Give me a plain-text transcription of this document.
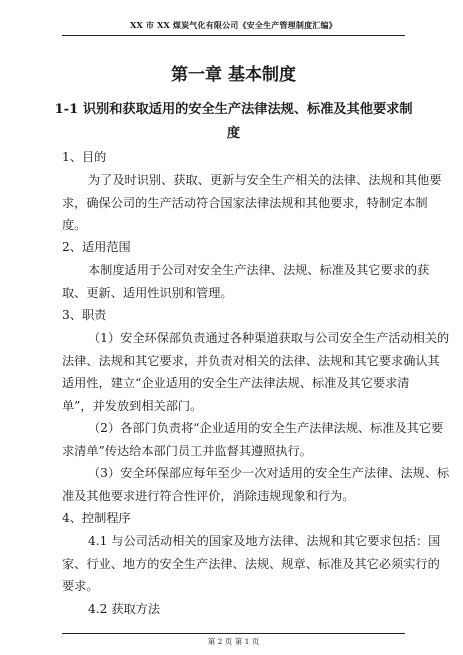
XX 市 XX 煤炭气化有限公司《安全生产管理制度汇编》
第一章 基本制度
1-1 识别和获取适用的安全生产法律法规、标准及其他要求制
度
1、目的
为了及时识别、获取、更新与安全生产相关的法律、法规和其他要
求，确保公司的生产活动符合国家法律法规和其他要求，特制定本制
度。
2、适用范围
本制度适用于公司对安全生产法律、法规、标准及其它要求的获
取、更新、适用性识别和管理。
3、职责
（1）安全环保部负责通过各种渠道获取与公司安全生产活动相关的
法律、法规和其它要求，并负责对相关的法律、法规和其它要求确认其
适用性，建立“企业适用的安全生产法律法规、标准及其它要求清
单”，并发放到相关部门。
（2）各部门负责将“企业适用的安全生产法律法规、标准及其它要
求清单”传达给本部门员工并监督其遵照执行。
（3）安全环保部应每年至少一次对适用的安全生产法律、法规、标
准及其他要求进行符合性评价，消除违规现象和行为。
4、控制程序
4.1 与公司活动相关的国家及地方法律、法规和其它要求包括：国
家、行业、地方的安全生产法律、法规、规章、标准及其它必须实行的
要求。
4.2 获取方法
第 2 页 第 1 页
